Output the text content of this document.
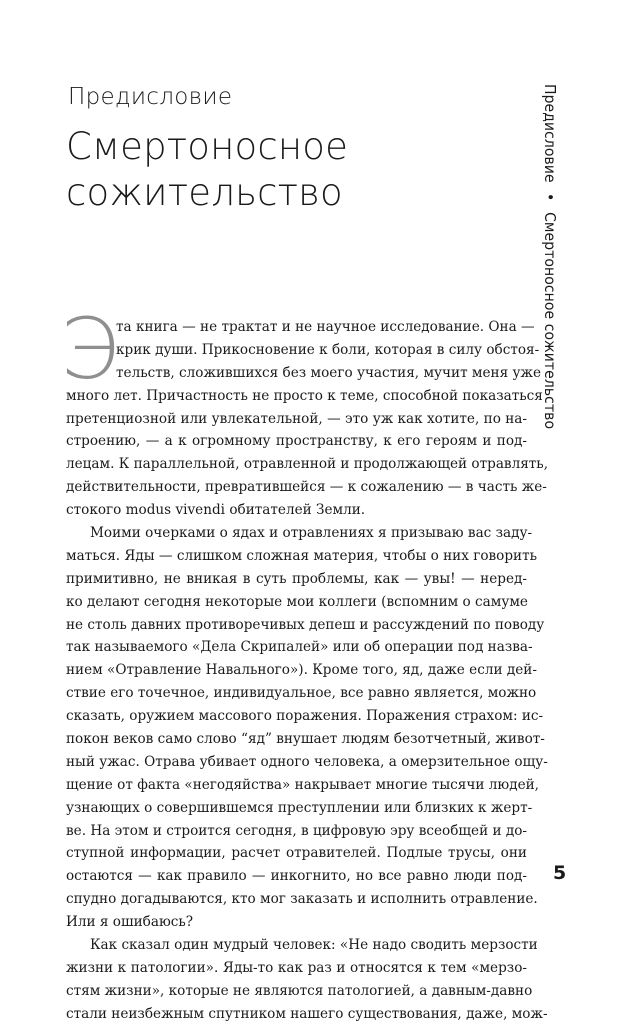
Предисловие
Смертоносное сожительство
Предисловие • Смертоносное сожительство
Э
та книга — не трактат и не научное исследование. Она —
крик души. Прикосновение к боли, которая в силу обстоя-
тельств, сложившихся без моего участия, мучит меня уже
много лет. Причастность не просто к теме, способной показаться
претенциозной или увлекательной, — это уж как хотите, по на-
строению, — а к огромному пространству, к его героям и под-
лецам. К параллельной, отравленной и продолжающей отравлять,
действительности, превратившейся — к сожалению — в часть же-
стокого modus vivendi обитателей Земли.
Моими очерками о ядах и отравлениях я призываю вас заду-
маться. Яды — слишком сложная материя, чтобы о них говорить
примитивно, не вникая в суть проблемы, как — увы! — неред-
ко делают сегодня некоторые мои коллеги (вспомним о самуме
не столь давних противоречивых депеш и рассуждений по поводу
так называемого «Дела Скрипалей» или об операции под назва-
нием «Отравление Навального»). Кроме того, яд, даже если дей-
ствие его точечное, индивидуальное, все равно является, можно
сказать, оружием массового поражения. Поражения страхом: ис-
покон веков само слово “яд” внушает людям безотчетный, живот-
ный ужас. Отрава убивает одного человека, а омерзительное ощу-
щение от факта «негодяйства» накрывает многие тысячи людей,
узнающих о совершившемся преступлении или близких к жерт-
ве. На этом и строится сегодня, в цифровую эру всеобщей и до-
ступной информации, расчет отравителей. Подлые трусы, они
остаются — как правило — инкогнито, но все равно люди под-
спудно догадываются, кто мог заказать и исполнить отравление.
Или я ошибаюсь?
Как сказал один мудрый человек: «Не надо сводить мерзости
жизни к патологии». Яды-то как раз и относятся к тем «мерзо-
стям жизни», которые не являются патологией, а давным-давно
стали неизбежным спутником нашего существования, даже, мож-
5
